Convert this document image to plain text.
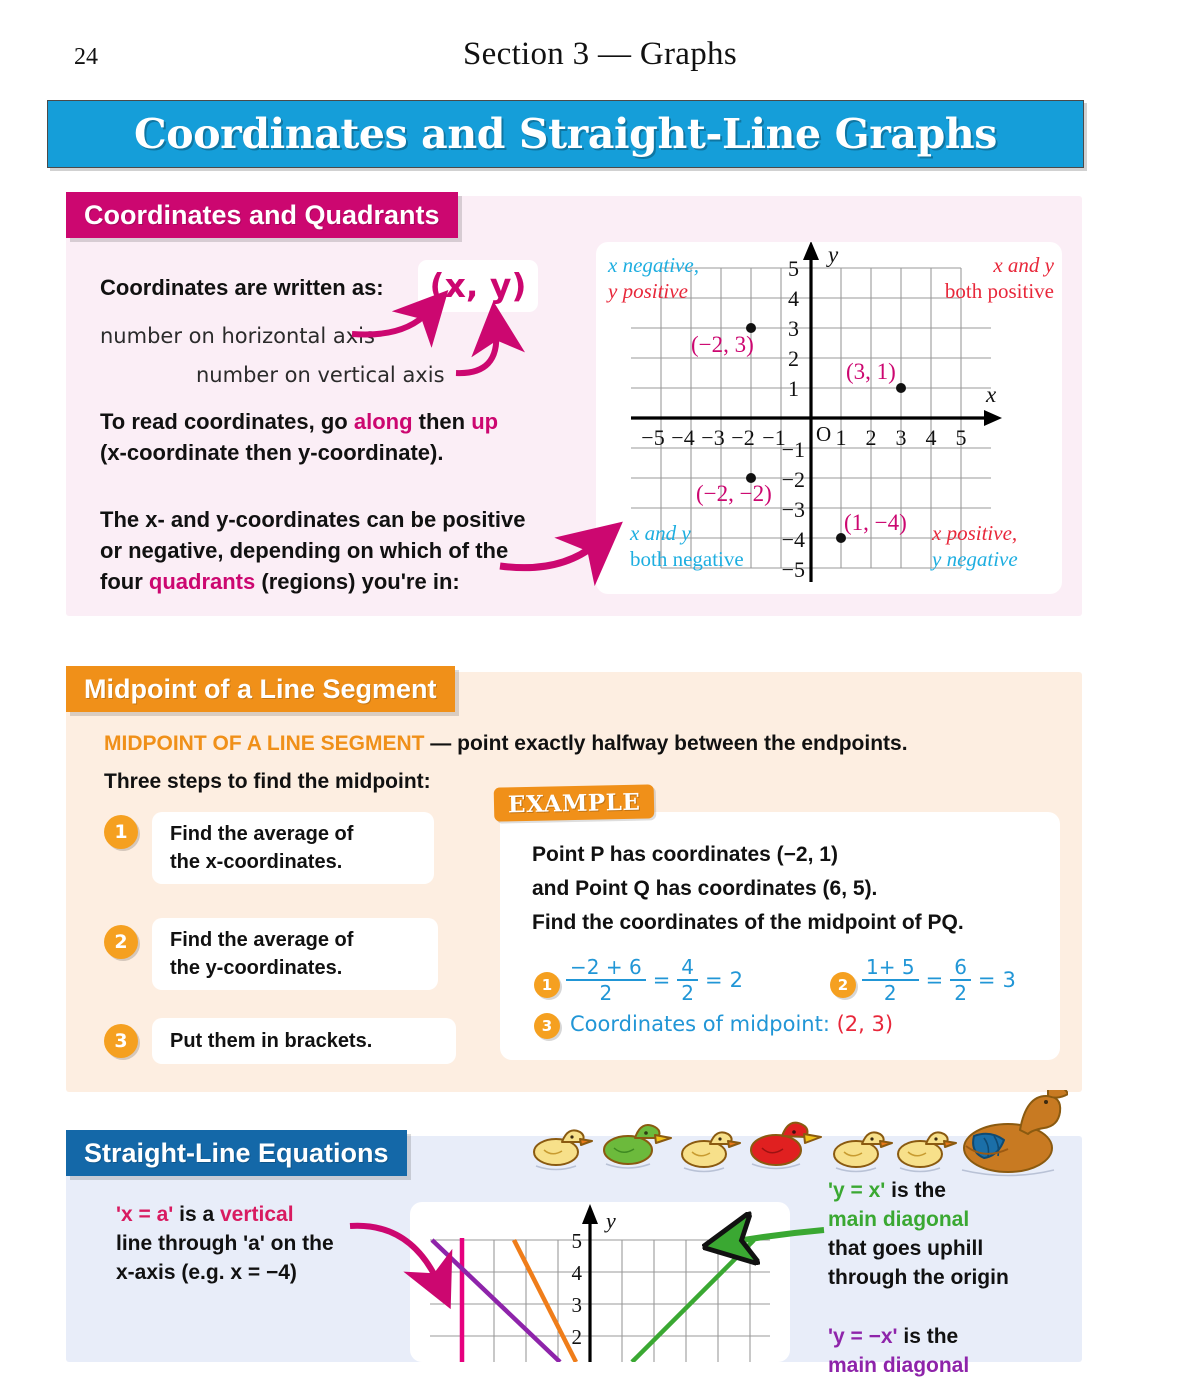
24	Section 3 — Graphs
Coordinates and Straight-Line Graphs
Coordinates and Quadrants
Coordinates are written as:	(x, y)
number on horizontal axis
number on vertical axis
To read coordinates, go along then up
(x-coordinate then y-coordinate).
The x- and y-coordinates can be positive
or negative, depending on which of the
four quadrants (regions) you're in:
−5 −4 −3 −2 −1 1 2 3 4 5
5
4
3
2
1
−1
−2
−3
−4
−5
O
x
y
(−2, 3)
(3, 1)
(−2, −2)
(1, −4)
x negative,
y positive
x and y
both positive
x and y
both negative
x positive,
y negative
Midpoint of a Line Segment
MIDPOINT OF A LINE SEGMENT — point exactly halfway between the endpoints.
Three steps to find the midpoint:
1	Find the average of
the x-coordinates.
2	Find the average of
the y-coordinates.
3	Put them in brackets.
EXAMPLE
Point P has coordinates (−2, 1)
and Point Q has coordinates (6, 5).
Find the coordinates of the midpoint of PQ.
$1 \frac{-2 + 6}{2} = \frac{4}{2} = 2$	$2 \frac{1+ 5}{2} = \frac{6}{2} = 3$
3 Coordinates of midpoint: (2, 3)
Straight-Line Equations
'x = a' is a vertical
line through 'a' on the
x-axis (e.g. x = −4)
'y = x' is the
main diagonal
that goes uphill
through the origin
'y = −x' is the
main diagonal
5
4
3
2
y
